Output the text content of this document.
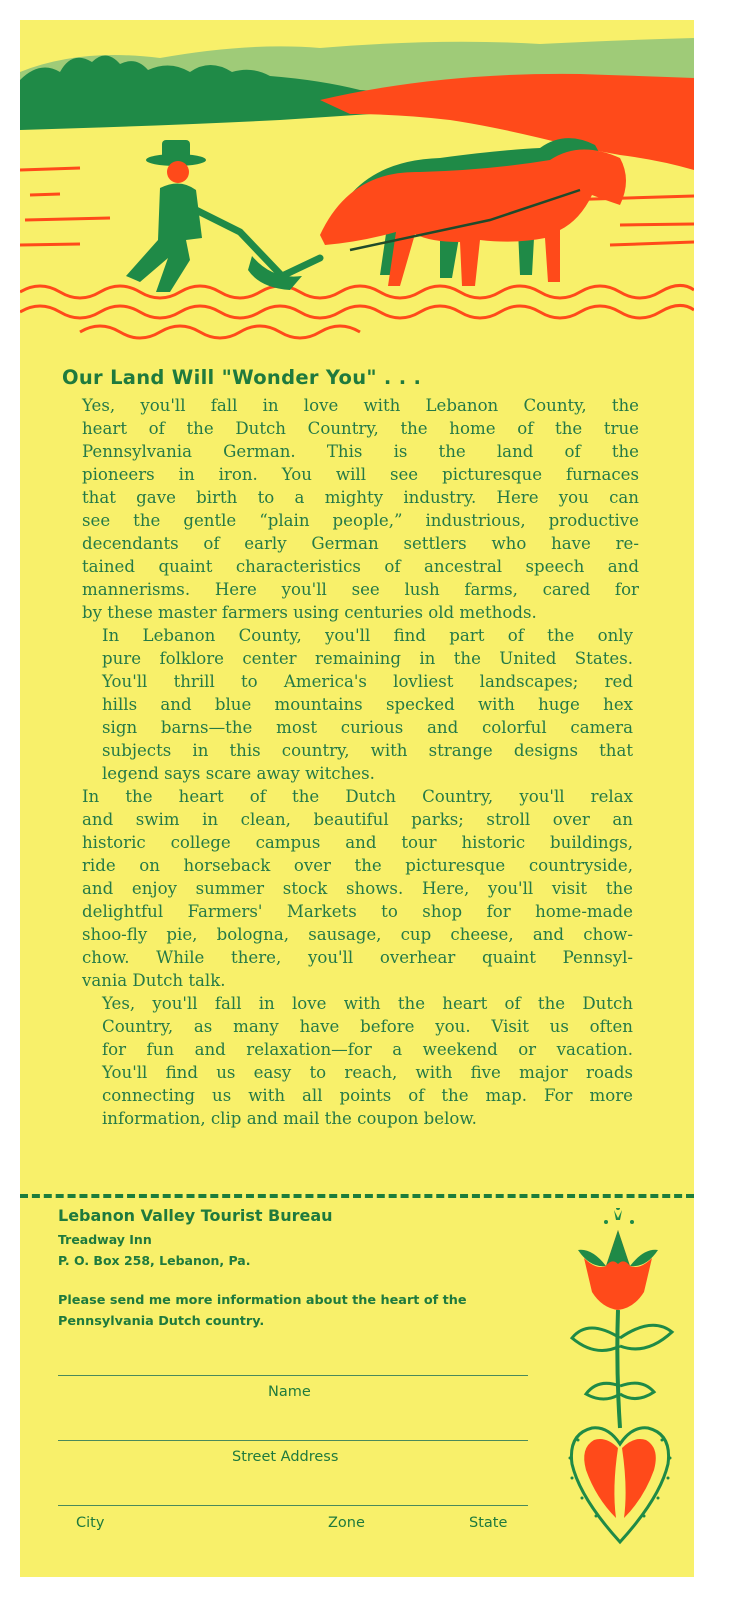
Our Land Will "Wonder You" . . .
Yes, you'll fall in love with Lebanon County, the
heart of the Dutch Country, the home of the true
Pennsylvania German. This is the land of the
pioneers in iron. You will see picturesque furnaces
that gave birth to a mighty industry. Here you can
see the gentle “plain people,” industrious, productive
decendants of early German settlers who have re-
tained quaint characteristics of ancestral speech and
mannerisms. Here you'll see lush farms, cared for
by these master farmers using centuries old methods.
In Lebanon County, you'll find part of the only
pure folklore center remaining in the United States.
You'll thrill to America's lovliest landscapes; red
hills and blue mountains specked with huge hex
sign barns—the most curious and colorful camera
subjects in this country, with strange designs that
legend says scare away witches.
In the heart of the Dutch Country, you'll relax
and swim in clean, beautiful parks; stroll over an
historic college campus and tour historic buildings,
ride on horseback over the picturesque countryside,
and enjoy summer stock shows. Here, you'll visit the
delightful Farmers' Markets to shop for home-made
shoo-fly pie, bologna, sausage, cup cheese, and chow-
chow. While there, you'll overhear quaint Pennsyl-
vania Dutch talk.
Yes, you'll fall in love with the heart of the Dutch
Country, as many have before you. Visit us often
for fun and relaxation—for a weekend or vacation.
You'll find us easy to reach, with five major roads
connecting us with all points of the map. For more
information, clip and mail the coupon below.
Lebanon Valley Tourist Bureau
Treadway Inn
P. O. Box 258, Lebanon, Pa.
Please send me more information about the heart of the Pennsylvania Dutch country.
Name
Street Address
City	Zone	State
